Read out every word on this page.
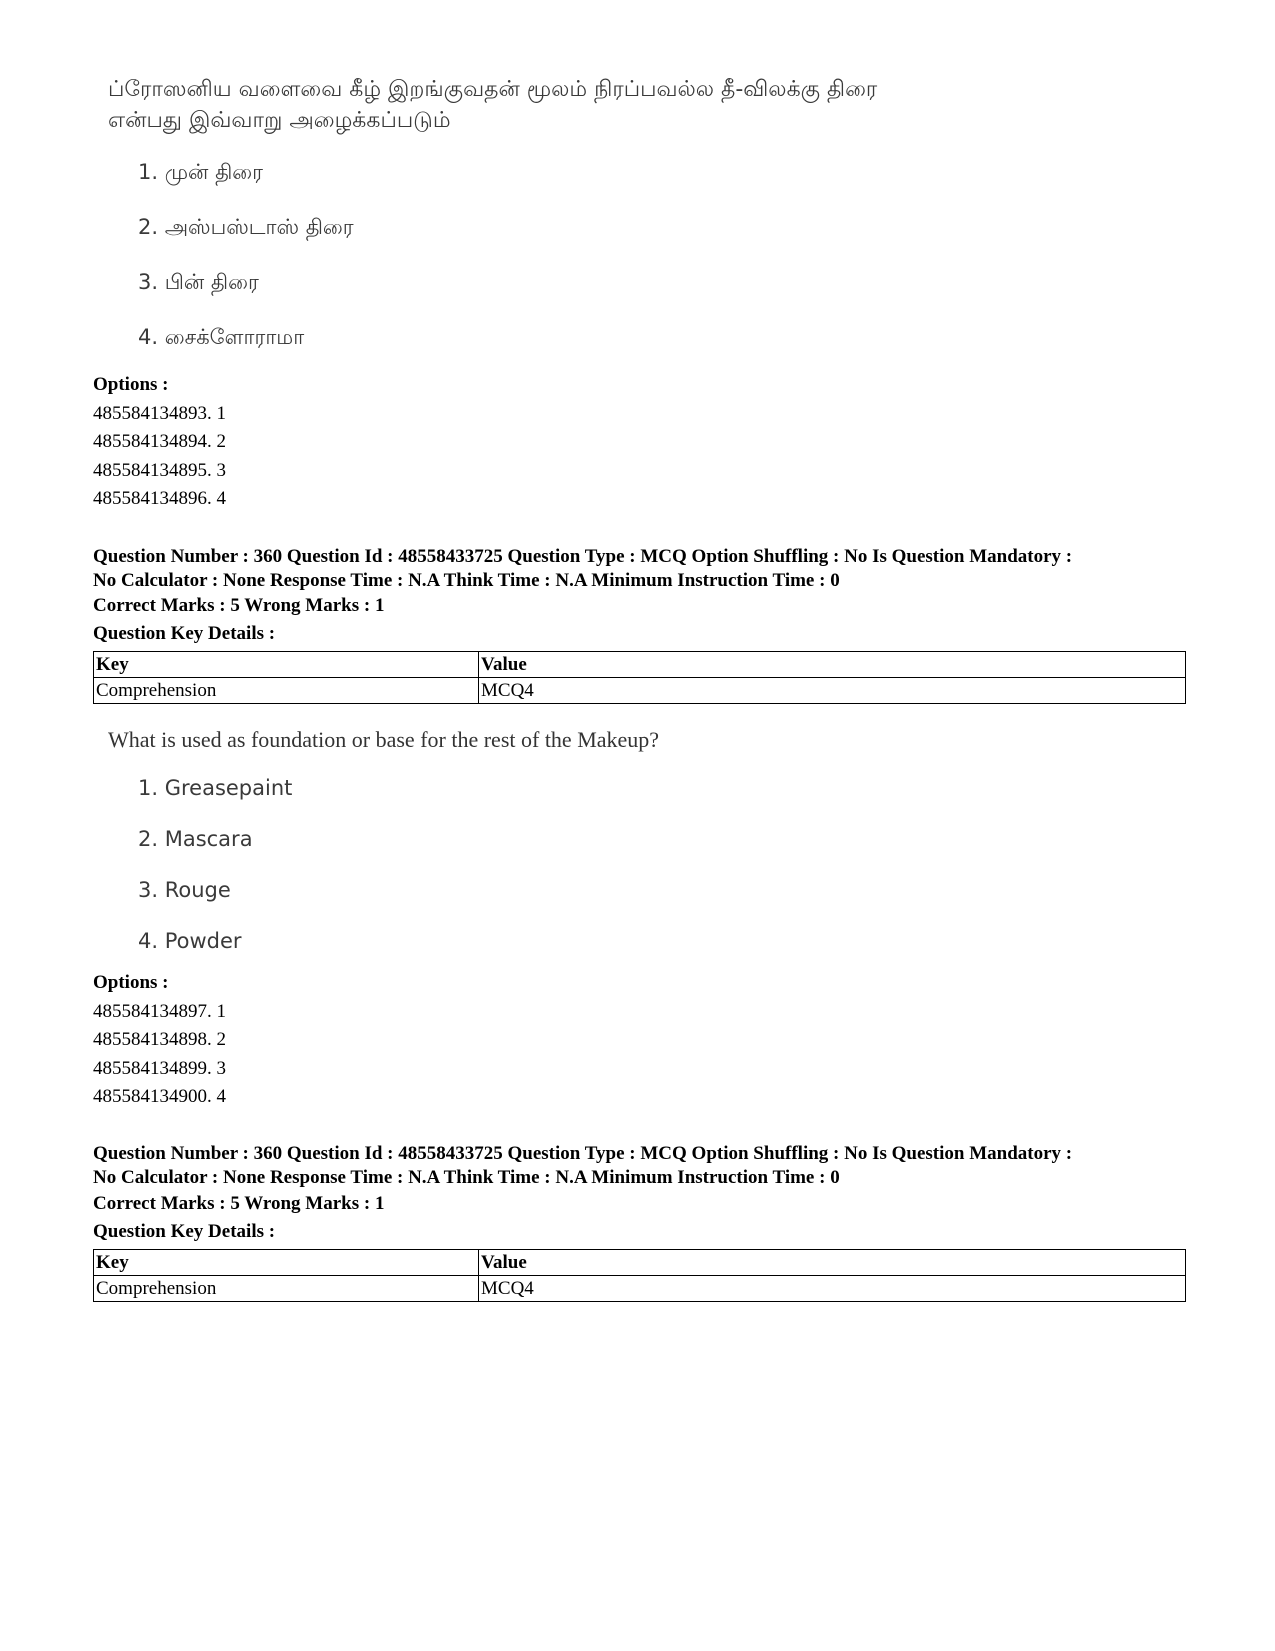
ப்ரோஸனிய வளைவை கீழ் இறங்குவதன் மூலம் நிரப்பவல்ல தீ-விலக்கு திரை

என்பது இவ்வாறு அழைக்கப்படும்

1. முன் திரை
2. அஸ்பஸ்டாஸ் திரை
3. பின் திரை
4. சைக்ளோராமா
Options :
485584134893. 1
485584134894. 2
485584134895. 3
485584134896. 4
Question Number : 360 Question Id : 48558433725 Question Type : MCQ Option Shuffling : No Is Question Mandatory :
No Calculator : None Response Time : N.A Think Time : N.A Minimum Instruction Time : 0
Correct Marks : 5 Wrong Marks : 1
Question Key Details :
Key	Value
Comprehension	MCQ4

What is used as foundation or base for the rest of the Makeup?

1. Greasepaint
2. Mascara
3. Rouge
4. Powder
Options :
485584134897. 1
485584134898. 2
485584134899. 3
485584134900. 4
Question Number : 360 Question Id : 48558433725 Question Type : MCQ Option Shuffling : No Is Question Mandatory :
No Calculator : None Response Time : N.A Think Time : N.A Minimum Instruction Time : 0
Correct Marks : 5 Wrong Marks : 1
Question Key Details :
Key	Value
Comprehension	MCQ4
